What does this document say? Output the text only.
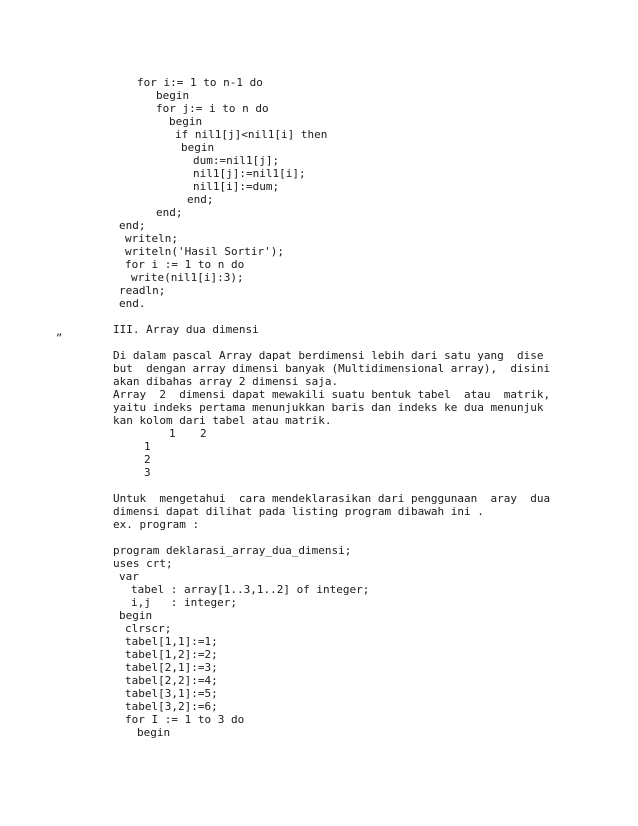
for i:= 1 to n-1 do
begin
for j:= i to n do
begin
if nil1[j]<nil1[i] then
begin
dum:=nil1[j];
nil1[j]:=nil1[i];
nil1[i]:=dum;
end;
end;
end;
writeln;
writeln('Hasil Sortir');
for i := 1 to n do
write(nil1[i]:3);
readln;
end.
„	III. Array dua dimensi
Di dalam pascal Array dapat berdimensi lebih dari satu yang  dise
but  dengan array dimensi banyak (Multidimensional array),  disini
akan dibahas array 2 dimensi saja.
Array  2  dimensi dapat mewakili suatu bentuk tabel  atau  matrik,
yaitu indeks pertama menunjukkan baris dan indeks ke dua menunjuk
kan kolom dari tabel atau matrik.
1 2
1
2
3
Untuk  mengetahui  cara mendeklarasikan dari penggunaan  aray  dua
dimensi dapat dilihat pada listing program dibawah ini .
ex. program :
program deklarasi_array_dua_dimensi;
uses crt;
var
tabel : array[1..3,1..2] of integer;
i,j   : integer;
begin
clrscr;
tabel[1,1]:=1;
tabel[1,2]:=2;
tabel[2,1]:=3;
tabel[2,2]:=4;
tabel[3,1]:=5;
tabel[3,2]:=6;
for I := 1 to 3 do
begin
